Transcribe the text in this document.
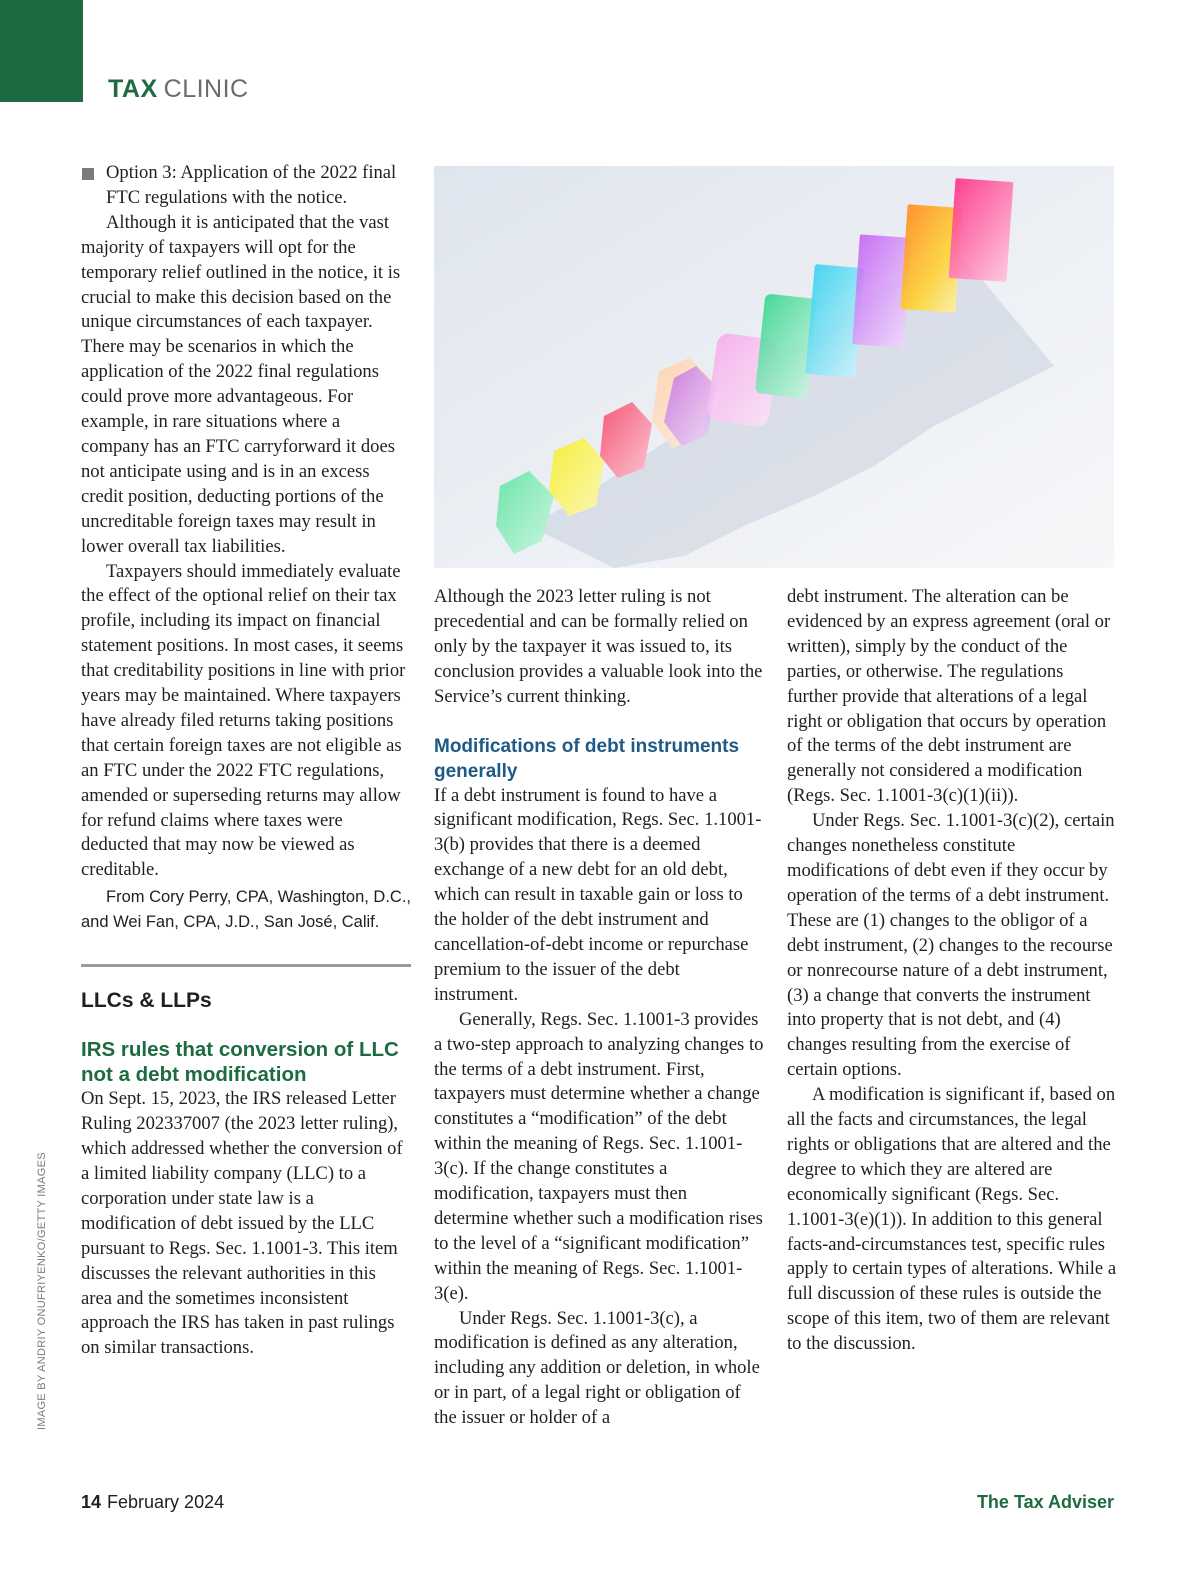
TAX CLINIC
IMAGE BY ANDRIY ONUFRIYENKO/GETTY IMAGES
Option 3: Application of the 2022 final FTC regulations with the notice.

Although it is anticipated that the vast majority of taxpayers will opt for the temporary relief outlined in the notice, it is crucial to make this decision based on the unique circumstances of each taxpayer. There may be scenarios in which the application of the 2022 final regulations could prove more advantageous. For example, in rare situations where a company has an FTC carryforward it does not anticipate using and is in an excess credit position, deducting portions of the uncreditable foreign taxes may result in lower overall tax liabilities.

Taxpayers should immediately evaluate the effect of the optional relief on their tax profile, including its impact on financial statement positions. In most cases, it seems that creditability positions in line with prior years may be maintained. Where taxpayers have already filed returns taking positions that certain foreign taxes are not eligible as an FTC under the 2022 FTC regulations, amended or superseding returns may allow for refund claims where taxes were deducted that may now be viewed as creditable.

From Cory Perry, CPA, Washington, D.C., and Wei Fan, CPA, J.D., San José, Calif.
LLCs & LLPs
IRS rules that conversion of LLC not a debt modification

On Sept. 15, 2023, the IRS released Letter Ruling 202337007 (the 2023 letter ruling), which addressed whether the conversion of a limited liability company (LLC) to a corporation under state law is a modification of debt issued by the LLC pursuant to Regs. Sec. 1.1001-3. This item discusses the relevant authorities in this area and the sometimes inconsistent approach the IRS has taken in past rulings on similar transactions.

Although the 2023 letter ruling is not precedential and can be formally relied on only by the taxpayer it was issued to, its conclusion provides a valuable look into the Service’s current thinking.

Modifications of debt instruments generally

If a debt instrument is found to have a significant modification, Regs. Sec. 1.1001-3(b) provides that there is a deemed exchange of a new debt for an old debt, which can result in taxable gain or loss to the holder of the debt instrument and cancellation-of-debt income or repurchase premium to the issuer of the debt instrument.

Generally, Regs. Sec. 1.1001-3 provides a two-step approach to analyzing changes to the terms of a debt instrument. First, taxpayers must determine whether a change constitutes a “modification” of the debt within the meaning of Regs. Sec. 1.1001-3(c). If the change constitutes a modification, taxpayers must then determine whether such a modification rises to the level of a “significant modification” within the meaning of Regs. Sec. 1.1001-3(e).

Under Regs. Sec. 1.1001-3(c), a modification is defined as any alteration, including any addition or deletion, in whole or in part, of a legal right or obligation of the issuer or holder of a

debt instrument. The alteration can be evidenced by an express agreement (oral or written), simply by the conduct of the parties, or otherwise. The regulations further provide that alterations of a legal right or obligation that occurs by operation of the terms of the debt instrument are generally not considered a modification (Regs. Sec. 1.1001-3(c)(1)(ii)).

Under Regs. Sec. 1.1001-3(c)(2), certain changes nonetheless constitute modifications of debt even if they occur by operation of the terms of a debt instrument. These are (1) changes to the obligor of a debt instrument, (2) changes to the recourse or nonrecourse nature of a debt instrument, (3) a change that converts the instrument into property that is not debt, and (4) changes resulting from the exercise of certain options.

A modification is significant if, based on all the facts and circumstances, the legal rights or obligations that are altered and the degree to which they are altered are economically significant (Regs. Sec. 1.1001-3(e)(1)). In addition to this general facts-and-circumstances test, specific rules apply to certain types of alterations. While a full discussion of these rules is outside the scope of this item, two of them are relevant to the discussion.

14 February 2024	The Tax Adviser
